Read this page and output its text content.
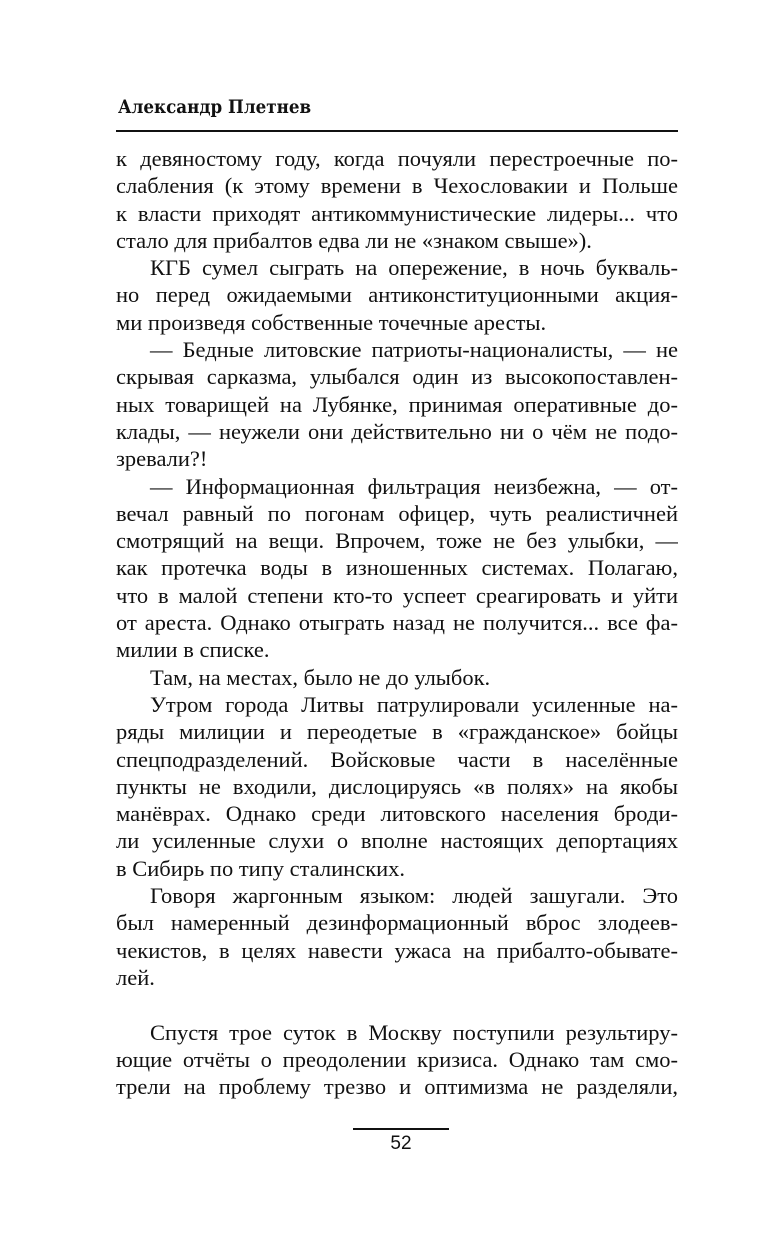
Александр Плетнев
к девяностому году, когда почуяли перестроечные по-
слабления (к этому времени в Чехословакии и Польше
к власти приходят антикоммунистические лидеры... что
стало для прибалтов едва ли не «знаком свыше»).
КГБ сумел сыграть на опережение, в ночь букваль-
но перед ожидаемыми антиконституционными акция-
ми произведя собственные точечные аресты.
— Бедные литовские патриоты-националисты, — не
скрывая сарказма, улыбался один из высокопоставлен-
ных товарищей на Лубянке, принимая оперативные до-
клады, — неужели они действительно ни о чём не подо-
зревали?!
— Информационная фильтрация неизбежна, — от-
вечал равный по погонам офицер, чуть реалистичней
смотрящий на вещи. Впрочем, тоже не без улыбки, —
как протечка воды в изношенных системах. Полагаю,
что в малой степени кто-то успеет среагировать и уйти
от ареста. Однако отыграть назад не получится... все фа-
милии в списке.
Там, на местах, было не до улыбок.
Утром города Литвы патрулировали усиленные на-
ряды милиции и переодетые в «гражданское» бойцы
спецподразделений. Войсковые части в населённые
пункты не входили, дислоцируясь «в полях» на якобы
манёврах. Однако среди литовского населения броди-
ли усиленные слухи о вполне настоящих депортациях
в Сибирь по типу сталинских.
Говоря жаргонным языком: людей зашугали. Это
был намеренный дезинформационный вброс злодеев-
чекистов, в целях навести ужаса на прибалто-обывате-
лей.
Спустя трое суток в Москву поступили результиру-
ющие отчёты о преодолении кризиса. Однако там смо-
трели на проблему трезво и оптимизма не разделяли,
52
